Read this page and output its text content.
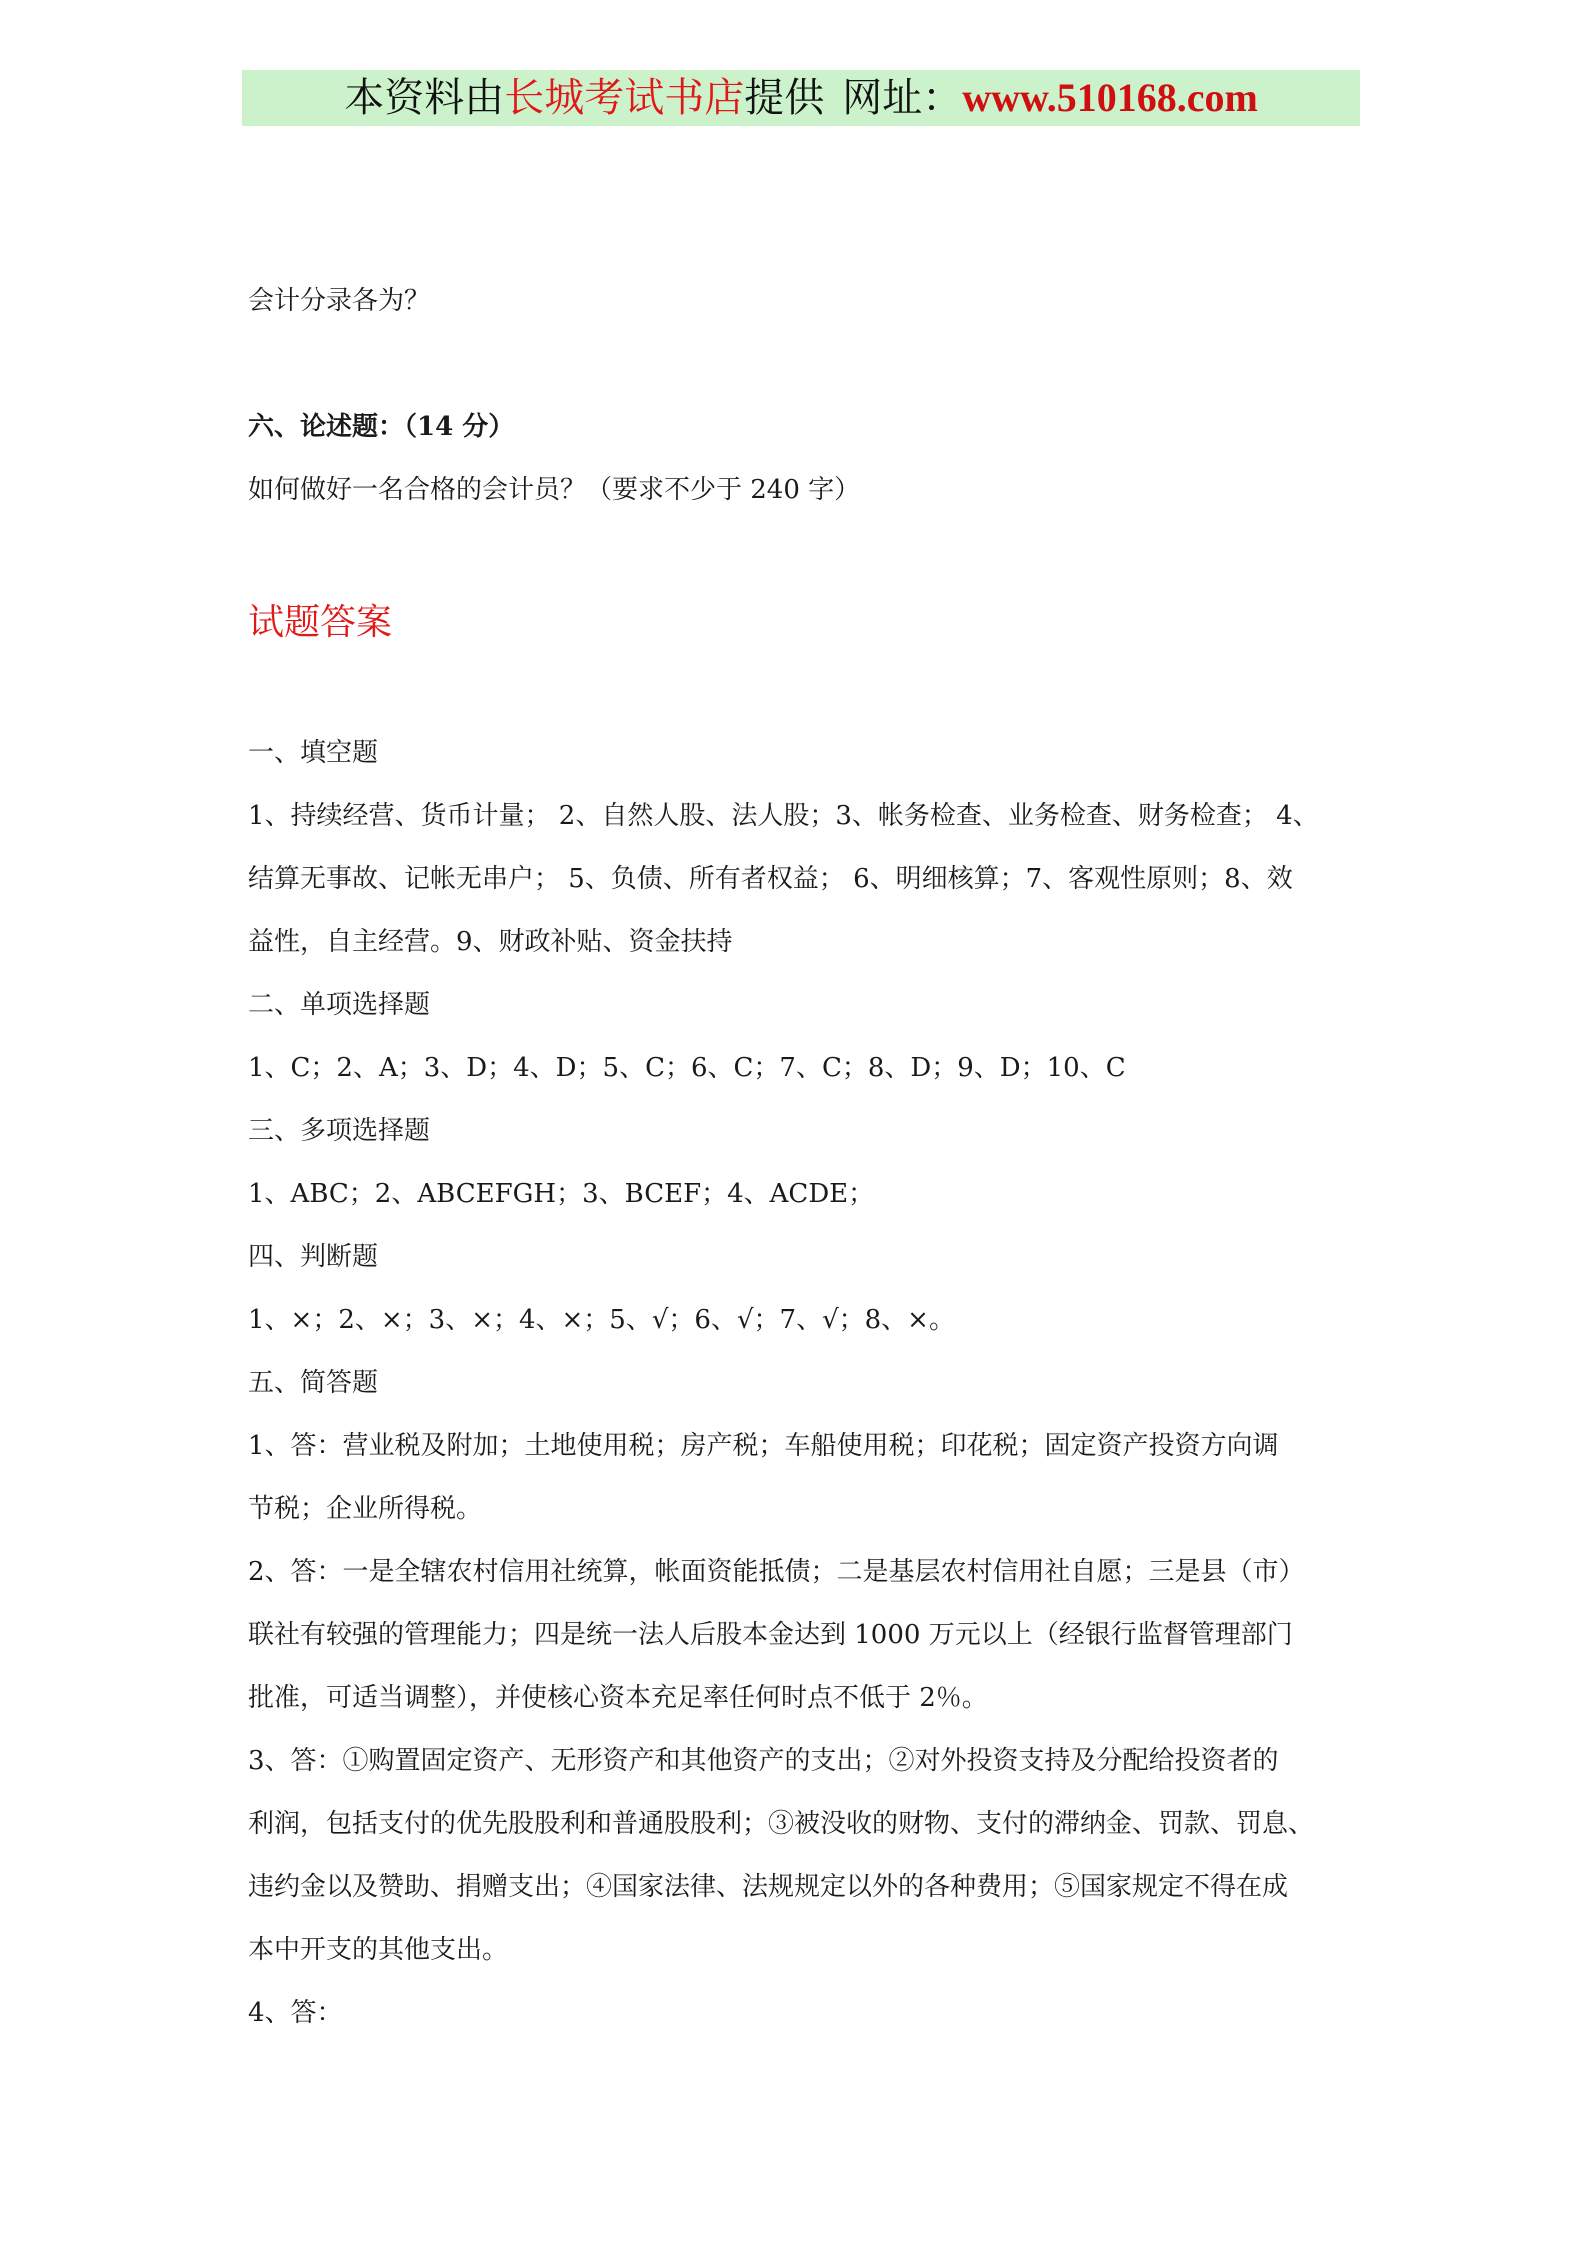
本资料由 长城考试书店 提供 网址： www.510168.com

会计分录各为？

六、论述题：（14 分）

如何做好一名合格的会计员？（要求不少于 240 字）

试题答案

一、填空题

1、持续经营、货币计量； 2、自然人股、法人股；3、帐务检查、业务检查、财务检查； 4、

结算无事故、记帐无串户； 5、负债、所有者权益； 6、明细核算；7、客观性原则；8、效

益性，自主经营。9、财政补贴、资金扶持

二、单项选择题

1、C；2、A；3、D；4、D；5、C；6、C；7、C；8、D；9、D；10、C

三、多项选择题

1、ABC；2、ABCEFGH；3、BCEF；4、ACDE；

四、判断题

1、×；2、×；3、×；4、×；5、√；6、√；7、√；8、×。

五、简答题

1、答：营业税及附加；土地使用税；房产税；车船使用税；印花税；固定资产投资方向调

节税；企业所得税。

2、答：一是全辖农村信用社统算，帐面资能抵债；二是基层农村信用社自愿；三是县（市）

联社有较强的管理能力；四是统一法人后股本金达到 1000 万元以上（经银行监督管理部门

批准，可适当调整），并使核心资本充足率任何时点不低于 2％。

3、答：①购置固定资产、无形资产和其他资产的支出；②对外投资支持及分配给投资者的

利润，包括支付的优先股股利和普通股股利；③被没收的财物、支付的滞纳金、罚款、罚息、

违约金以及赞助、捐赠支出；④国家法律、法规规定以外的各种费用；⑤国家规定不得在成

本中开支的其他支出。

4、答：
